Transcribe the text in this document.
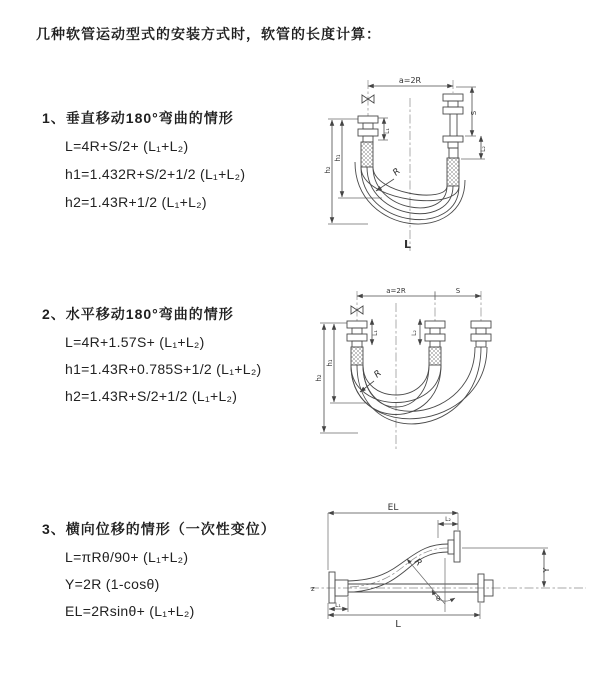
几种软管运动型式的安装方式时，软管的长度计算：
1、垂直移动180°弯曲的情形
L=4R+S/2+ (L₁+L₂)
h1=1.432R+S/2+1/2 (L₁+L₂)
h2=1.43R+1/2 (L₁+L₂)
2、水平移动180°弯曲的情形
L=4R+1.57S+ (L₁+L₂)
h1=1.43R+0.785S+1/2 (L₁+L₂)
h2=1.43R+S/2+1/2 (L₁+L₂)
3、横向位移的情形（一次性变位）
L=πRθ/90+ (L₁+L₂)
Y=2R (1-cosθ)
EL=2Rsinθ+ (L₁+L₂)
a=2R
L₁
h₁
h₂
S
L₂
R
L
a=2R	S
L₁	L₂
h₁
h₂	R
EL
L₂
Y
R
θ
L
L₁
z
